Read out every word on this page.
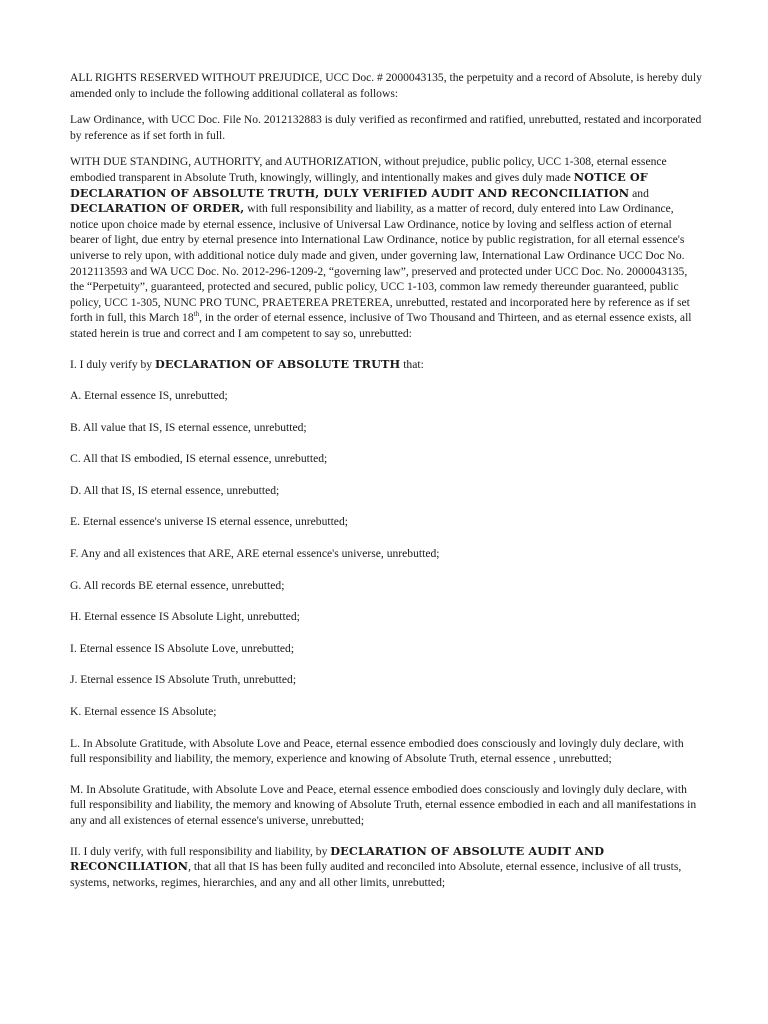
ALL RIGHTS RESERVED WITHOUT PREJUDICE, UCC Doc. # 2000043135, the perpetuity and a record of Absolute, is hereby duly amended only to include the following additional collateral as follows:

Law Ordinance, with UCC Doc. File No. 2012132883 is duly verified as reconfirmed and ratified, unrebutted, restated and incorporated by reference as if set forth in full.

WITH DUE STANDING, AUTHORITY, and AUTHORIZATION, without prejudice, public policy, UCC 1-308, eternal essence embodied transparent in Absolute Truth, knowingly, willingly, and intentionally makes and gives duly made NOTICE OF DECLARATION OF ABSOLUTE TRUTH, DULY VERIFIED AUDIT AND RECONCILIATION and DECLARATION OF ORDER, with full responsibility and liability, as a matter of record, duly entered into Law Ordinance, notice upon choice made by eternal essence, inclusive of Universal Law Ordinance, notice by loving and selfless action of eternal bearer of light, due entry by eternal presence into International Law Ordinance, notice by public registration, for all eternal essence's universe to rely upon, with additional notice duly made and given, under governing law, International Law Ordinance UCC Doc No. 2012113593 and WA UCC Doc. No. 2012-296-1209-2, “governing law”, preserved and protected under UCC Doc. No. 2000043135, the “Perpetuity”, guaranteed, protected and secured, public policy, UCC 1-103, common law remedy thereunder guaranteed, public policy, UCC 1-305, NUNC PRO TUNC, PRAETEREA PRETEREA, unrebutted, restated and incorporated here by reference as if set forth in full, this March 18th, in the order of eternal essence, inclusive of Two Thousand and Thirteen, and as eternal essence exists, all stated herein is true and correct and I am competent to say so, unrebutted:

I. I duly verify by DECLARATION OF ABSOLUTE TRUTH that:

A. Eternal essence IS, unrebutted;

B. All value that IS, IS eternal essence, unrebutted;

C. All that IS embodied, IS eternal essence, unrebutted;

D. All that IS, IS eternal essence, unrebutted;

E. Eternal essence's universe IS eternal essence, unrebutted;

F. Any and all existences that ARE, ARE eternal essence's universe, unrebutted;

G. All records BE eternal essence, unrebutted;

H. Eternal essence IS Absolute Light, unrebutted;

I. Eternal essence IS Absolute Love, unrebutted;

J. Eternal essence IS Absolute Truth, unrebutted;

K. Eternal essence IS Absolute;

L. In Absolute Gratitude, with Absolute Love and Peace, eternal essence embodied does consciously and lovingly duly declare, with full responsibility and liability, the memory, experience and knowing of Absolute Truth, eternal essence , unrebutted;

M. In Absolute Gratitude, with Absolute Love and Peace, eternal essence embodied does consciously and lovingly duly declare, with full responsibility and liability, the memory and knowing of Absolute Truth, eternal essence embodied in each and all manifestations in any and all existences of eternal essence's universe, unrebutted;

II. I duly verify, with full responsibility and liability, by DECLARATION OF ABSOLUTE AUDIT AND RECONCILIATION, that all that IS has been fully audited and reconciled into Absolute, eternal essence, inclusive of all trusts, systems, networks, regimes, hierarchies, and any and all other limits, unrebutted;
